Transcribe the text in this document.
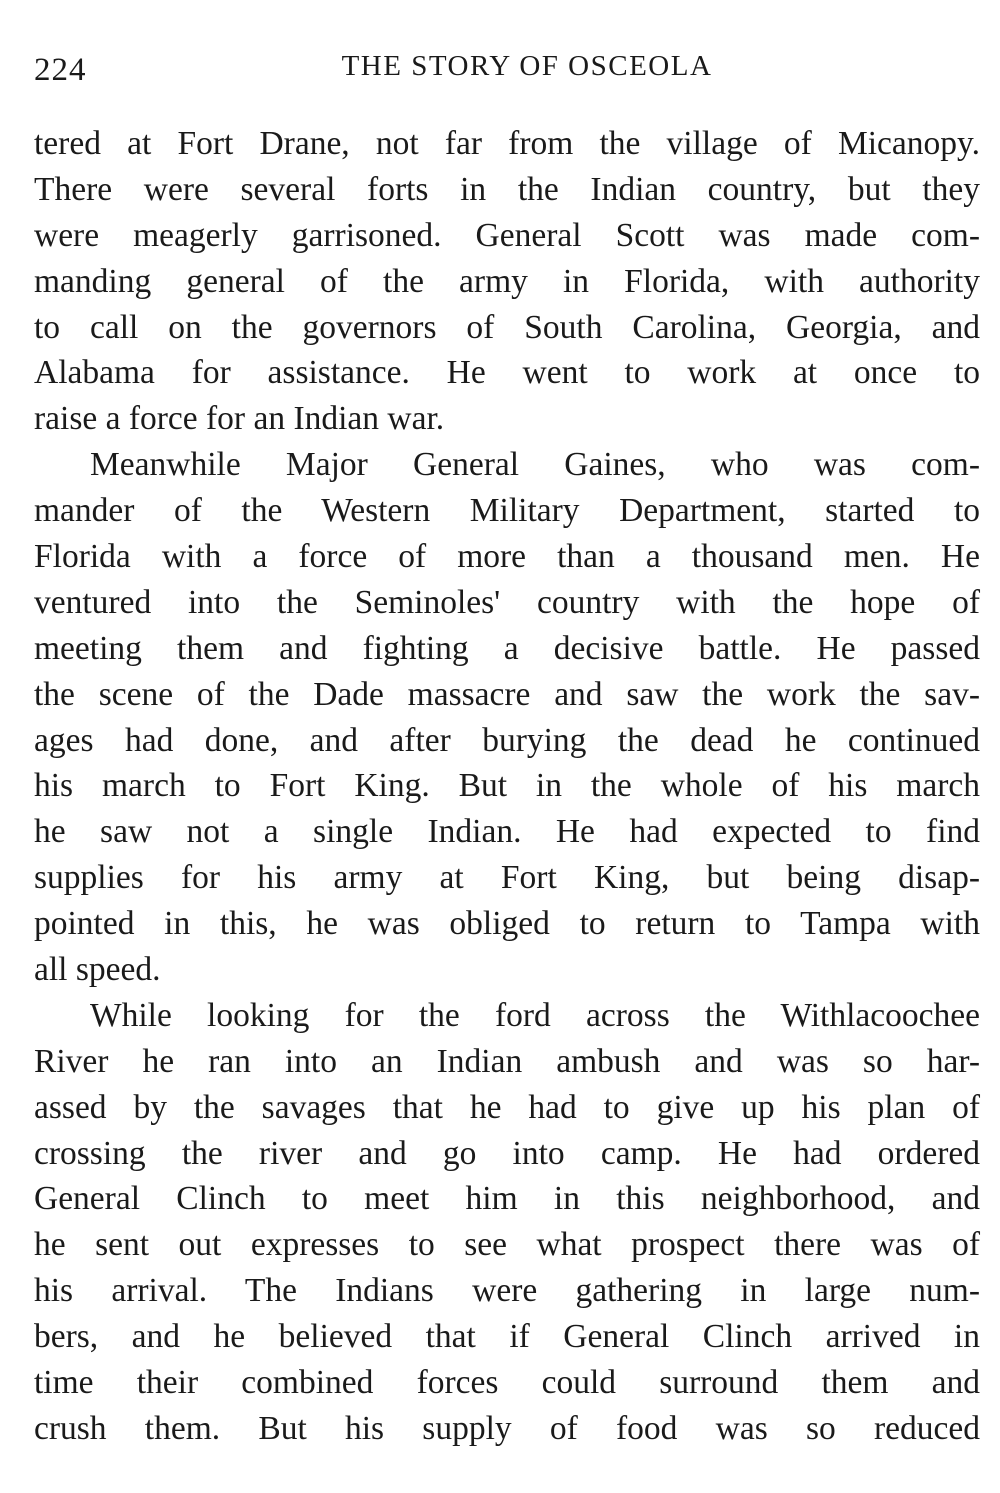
224	THE STORY OF OSCEOLA
tered at Fort Drane, not far from the village of Micanopy.
There were several forts in the Indian country, but they
were meagerly garrisoned. General Scott was made com-
manding general of the army in Florida, with authority
to call on the governors of South Carolina, Georgia, and
Alabama for assistance. He went to work at once to
raise a force for an Indian war.
Meanwhile Major General Gaines, who was com-
mander of the Western Military Department, started to
Florida with a force of more than a thousand men. He
ventured into the Seminoles' country with the hope of
meeting them and fighting a decisive battle. He passed
the scene of the Dade massacre and saw the work the sav-
ages had done, and after burying the dead he continued
his march to Fort King. But in the whole of his march
he saw not a single Indian. He had expected to find
supplies for his army at Fort King, but being disap-
pointed in this, he was obliged to return to Tampa with
all speed.
While looking for the ford across the Withlacoochee
River he ran into an Indian ambush and was so har-
assed by the savages that he had to give up his plan of
crossing the river and go into camp. He had ordered
General Clinch to meet him in this neighborhood, and
he sent out expresses to see what prospect there was of
his arrival. The Indians were gathering in large num-
bers, and he believed that if General Clinch arrived in
time their combined forces could surround them and
crush them. But his supply of food was so reduced
